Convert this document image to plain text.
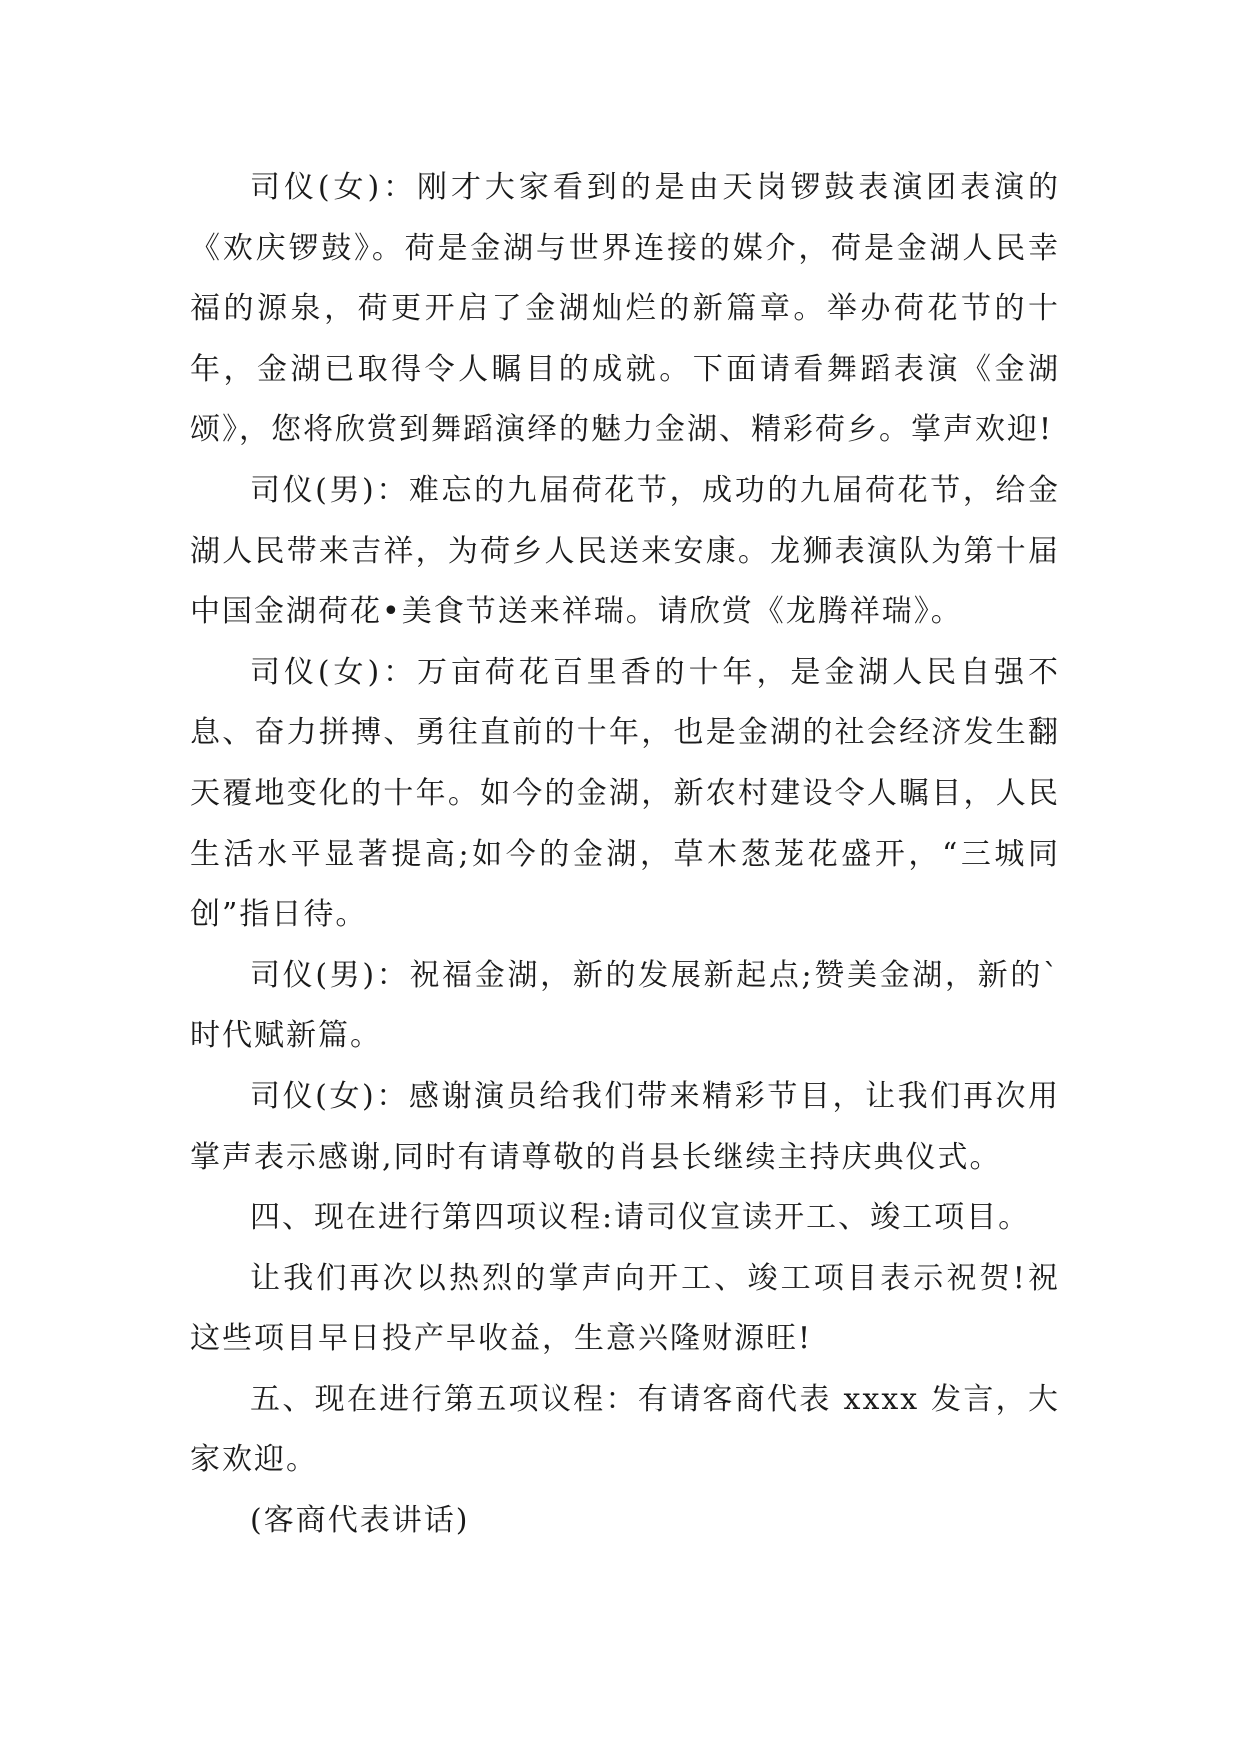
司仪(女)：刚才大家看到的是由天岗锣鼓表演团表演的《欢庆锣鼓》。荷是金湖与世界连接的媒介，荷是金湖人民幸福的源泉，荷更开启了金湖灿烂的新篇章。举办荷花节的十年，金湖已取得令人瞩目的成就。下面请看舞蹈表演《金湖颂》，您将欣赏到舞蹈演绎的魅力金湖、精彩荷乡。掌声欢迎!

司仪(男)：难忘的九届荷花节，成功的九届荷花节，给金湖人民带来吉祥，为荷乡人民送来安康。龙狮表演队为第十届中国金湖荷花•美食节送来祥瑞。请欣赏《龙腾祥瑞》。

司仪(女)：万亩荷花百里香的十年，是金湖人民自强不息、奋力拼搏、勇往直前的十年，也是金湖的社会经济发生翻天覆地变化的十年。如今的金湖，新农村建设令人瞩目，人民生活水平显著提高;如今的金湖，草木葱茏花盛开，“三城同创”指日待。

司仪(男)：祝福金湖，新的发展新起点;赞美金湖，新的`时代赋新篇。

司仪(女)：感谢演员给我们带来精彩节目，让我们再次用掌声表示感谢,同时有请尊敬的肖县长继续主持庆典仪式。

四、现在进行第四项议程:请司仪宣读开工、竣工项目。

让我们再次以热烈的掌声向开工、竣工项目表示祝贺!祝这些项目早日投产早收益，生意兴隆财源旺!

五、现在进行第五项议程：有请客商代表 xxxx 发言，大家欢迎。

(客商代表讲话)
